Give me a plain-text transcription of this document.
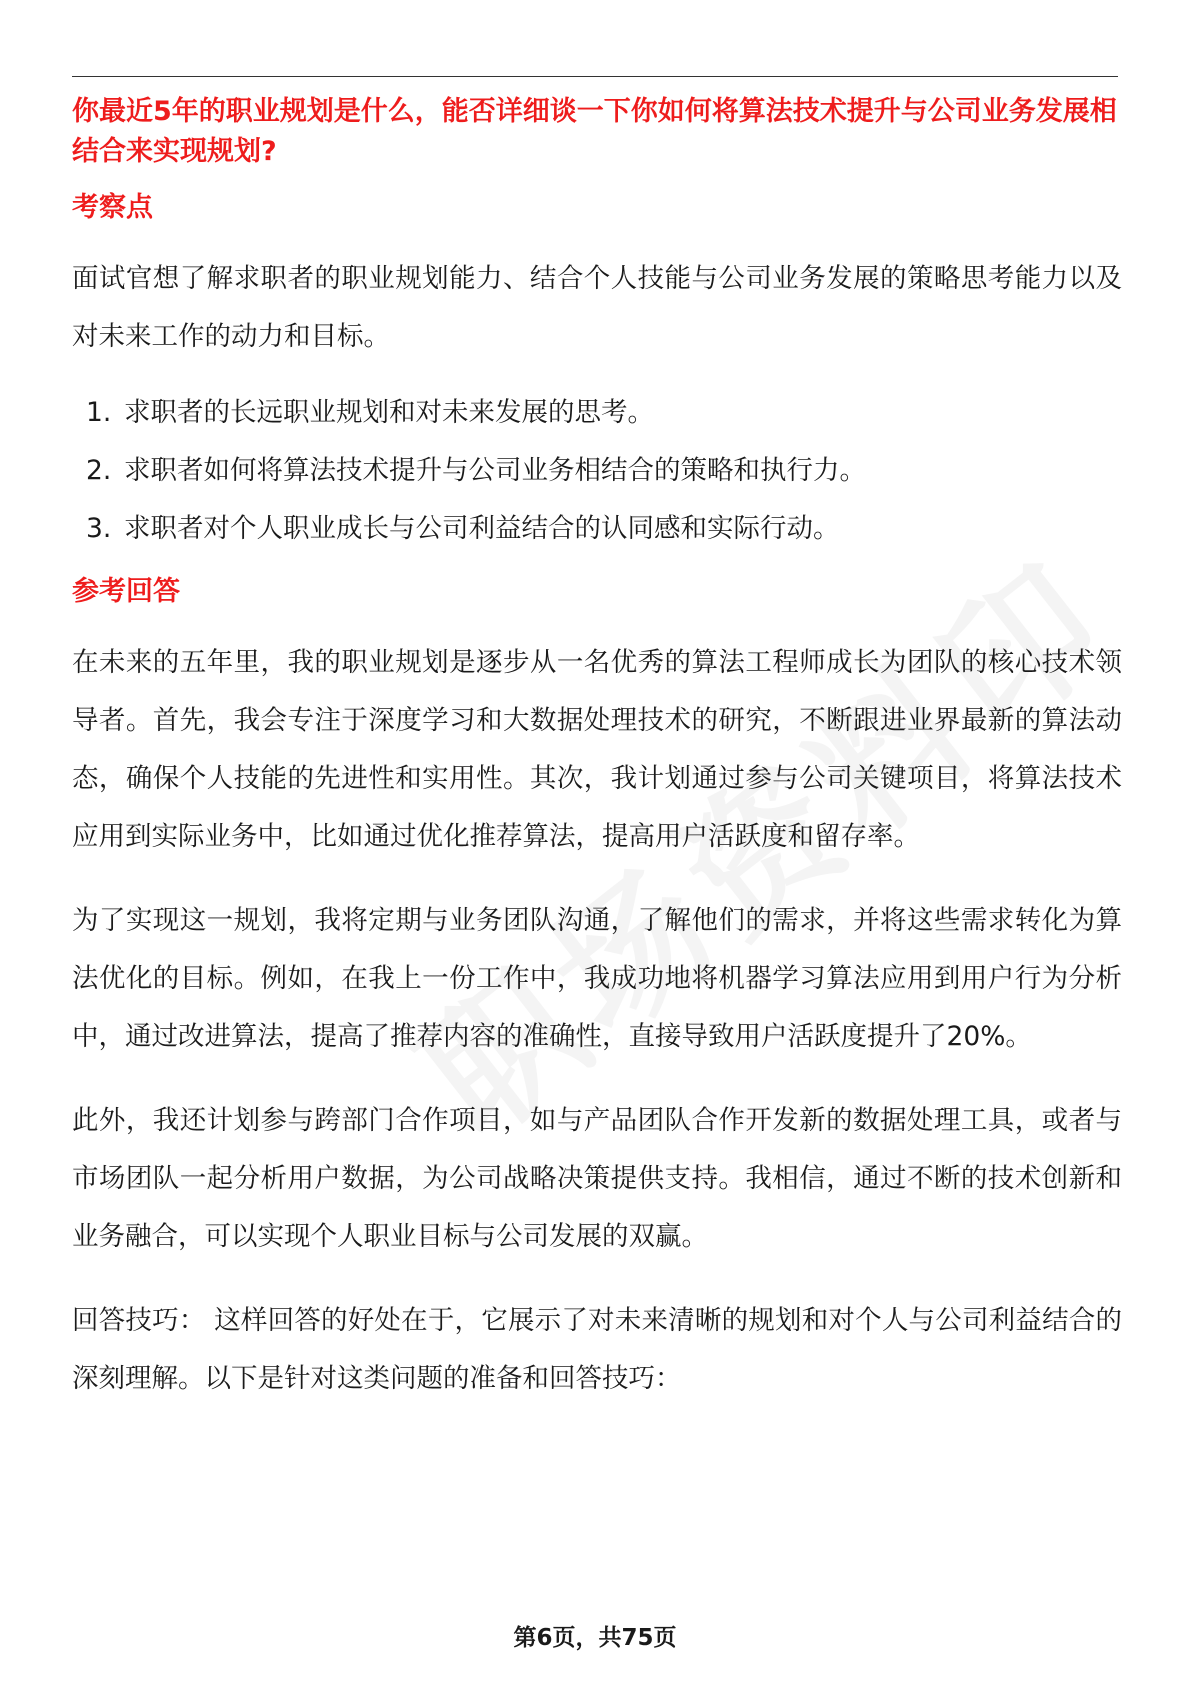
你最近5年的职业规划是什么，能否详细谈一下你如何将算法技术提升与公司业务发展相结合来实现规划?

考察点

面试官想了解求职者的职业规划能力、结合个人技能与公司业务发展的策略思考能力以及对未来工作的动力和目标。

1. 求职者的长远职业规划和对未来发展的思考。
2. 求职者如何将算法技术提升与公司业务相结合的策略和执行力。
3. 求职者对个人职业成长与公司利益结合的认同感和实际行动。

参考回答

在未来的五年里，我的职业规划是逐步从一名优秀的算法工程师成长为团队的核心技术领导者。首先，我会专注于深度学习和大数据处理技术的研究，不断跟进业界最新的算法动态，确保个人技能的先进性和实用性。其次，我计划通过参与公司关键项目，将算法技术应用到实际业务中，比如通过优化推荐算法，提高用户活跃度和留存率。

为了实现这一规划，我将定期与业务团队沟通，了解他们的需求，并将这些需求转化为算法优化的目标。例如，在我上一份工作中，我成功地将机器学习算法应用到用户行为分析中，通过改进算法，提高了推荐内容的准确性，直接导致用户活跃度提升了20%。

此外，我还计划参与跨部门合作项目，如与产品团队合作开发新的数据处理工具，或者与市场团队一起分析用户数据，为公司战略决策提供支持。我相信，通过不断的技术创新和业务融合，可以实现个人职业目标与公司发展的双赢。

回答技巧： 这样回答的好处在于，它展示了对未来清晰的规划和对个人与公司利益结合的深刻理解。以下是针对这类问题的准备和回答技巧：

第6页，共75页
